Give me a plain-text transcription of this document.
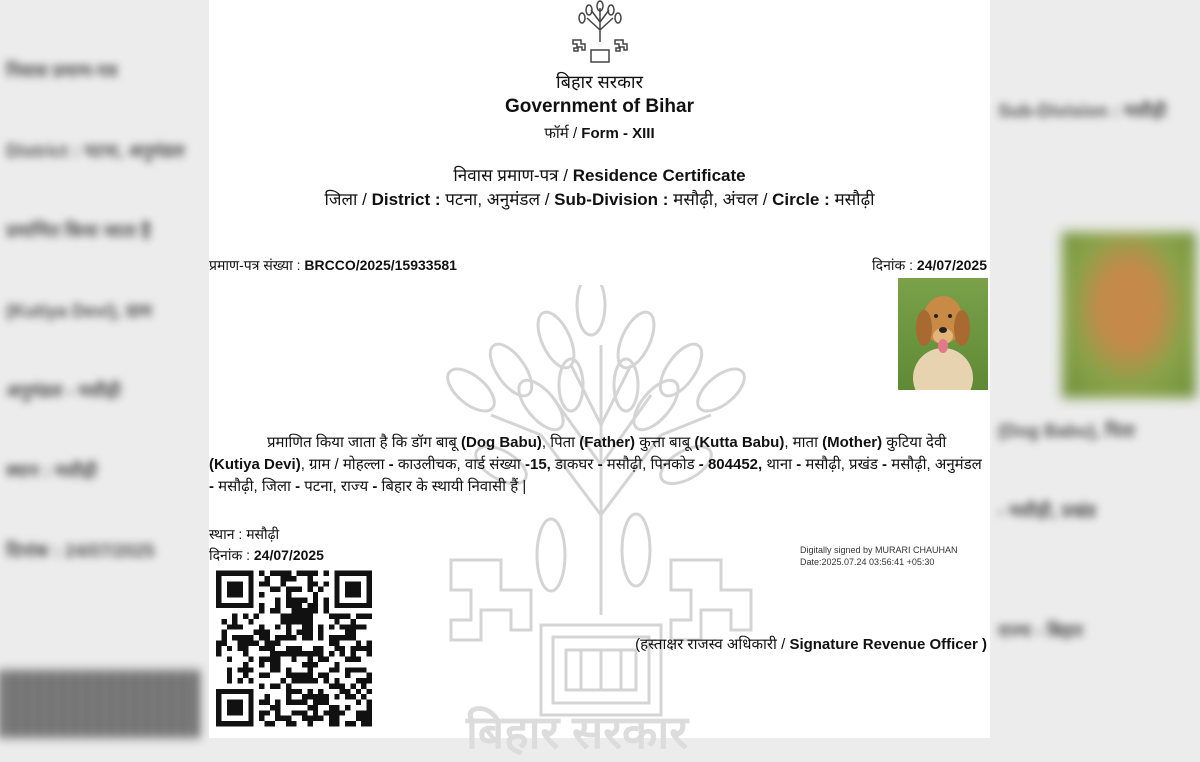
निवास प्रमाण-पत्र
District : पटना, अनुमंडल
Sub-Division : मसौढ़ी
प्रमाणित किया जाता है
(Kutiya Devi), ग्राम
अनुमंडल - मसौढ़ी
स्थान : मसौढ़ी
दिनांक : 24/07/2025
(Dog Babu), पिता
- मसौढ़ी, प्रखंड
राज्य - बिहार
बिहार सरकार
बिहार सरकार
Government of Bihar
फॉर्म / Form - XIII
निवास प्रमाण-पत्र / Residence Certificate
जिला / District : पटना, अनुमंडल / Sub-Division : मसौढ़ी, अंचल / Circle : मसौढ़ी
प्रमाण-पत्र संख्या : BRCCO/2025/15933581	दिनांक : 24/07/2025
प्रमाणित किया जाता है कि डॉग बाबू (Dog Babu), पिता (Father) कुत्ता बाबू (Kutta Babu), माता (Mother) कुटिया देवी (Kutiya Devi), ग्राम / मोहल्ला - काउलीचक, वार्ड संख्या -15, डाकघर - मसौढ़ी, पिनकोड - 804452, थाना - मसौढ़ी, प्रखंड - मसौढ़ी, अनुमंडल - मसौढ़ी, जिला - पटना, राज्य - बिहार के स्थायी निवासी हैं |
स्थान : मसौढ़ी
दिनांक : 24/07/2025	Digitally signed by MURARI CHAUHAN
Date:2025.07.24 03:56:41 +05:30
(हस्ताक्षर राजस्व अधिकारी / Signature Revenue Officer )
